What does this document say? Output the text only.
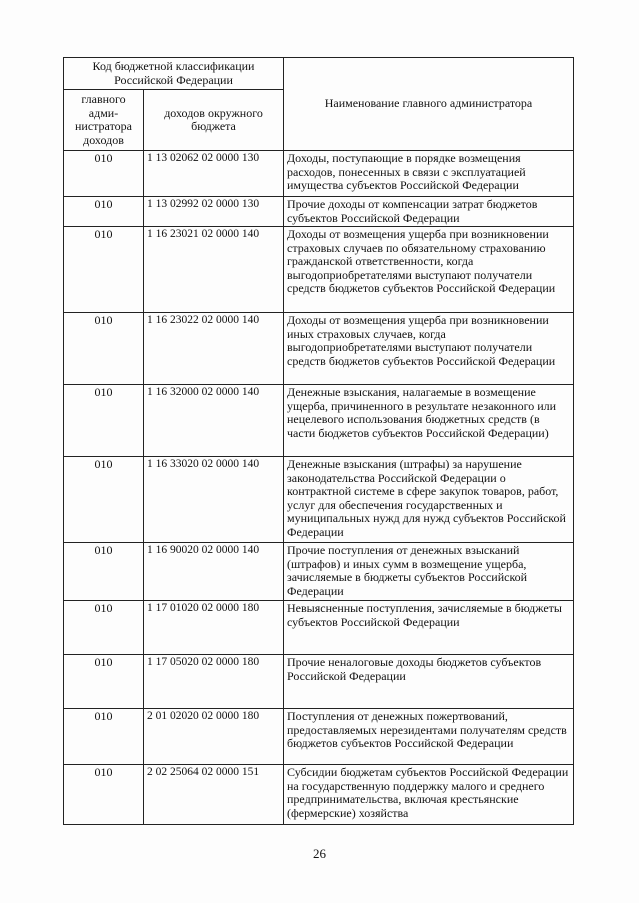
Код бюджетной классификации Российской Федерации		Наименование главного администратора
главного адми-нистратора доходов	доходов окружного бюджета	
010	1 13 02062 02 0000 130	Доходы, поступающие в порядке возмещения расходов, понесенных в связи с эксплуатацией имущества субъектов Российской Федерации
010	1 13 02992 02 0000 130	Прочие доходы от компенсации затрат бюджетов субъектов Российской Федерации
010	1 16 23021 02 0000 140	Доходы от возмещения ущерба при возникновении страховых случаев по обязательному страхованию гражданской ответственности, когда выгодоприобретателями выступают получатели средств бюджетов субъектов Российской Федерации
010	1 16 23022 02 0000 140	Доходы от возмещения ущерба при возникновении иных страховых случаев, когда выгодоприобретателями выступают получатели средств бюджетов субъектов Российской Федерации
010	1 16 32000 02 0000 140	Денежные взыскания, налагаемые в возмещение ущерба, причиненного в результате незаконного или нецелевого использования бюджетных средств (в части бюджетов субъектов Российской Федерации)
010	1 16 33020 02 0000 140	Денежные взыскания (штрафы) за нарушение законодательства Российской Федерации о контрактной системе в сфере закупок товаров, работ, услуг для обеспечения государственных и муниципальных нужд для нужд субъектов Российской Федерации
010	1 16 90020 02 0000 140	Прочие поступления от денежных взысканий (штрафов) и иных сумм в возмещение ущерба, зачисляемые в бюджеты субъектов Российской Федерации
010	1 17 01020 02 0000 180	Невыясненные поступления, зачисляемые в бюджеты субъектов Российской Федерации
010	1 17 05020 02 0000 180	Прочие неналоговые доходы бюджетов субъектов Российской Федерации
010	2 01 02020 02 0000 180	Поступления от денежных пожертвований, предоставляемых нерезидентами получателям средств бюджетов субъектов Российской Федерации
010	2 02 25064 02 0000 151	Субсидии бюджетам субъектов Российской Федерации на государственную поддержку малого и среднего предпринимательства, включая крестьянские (фермерские) хозяйства
26
